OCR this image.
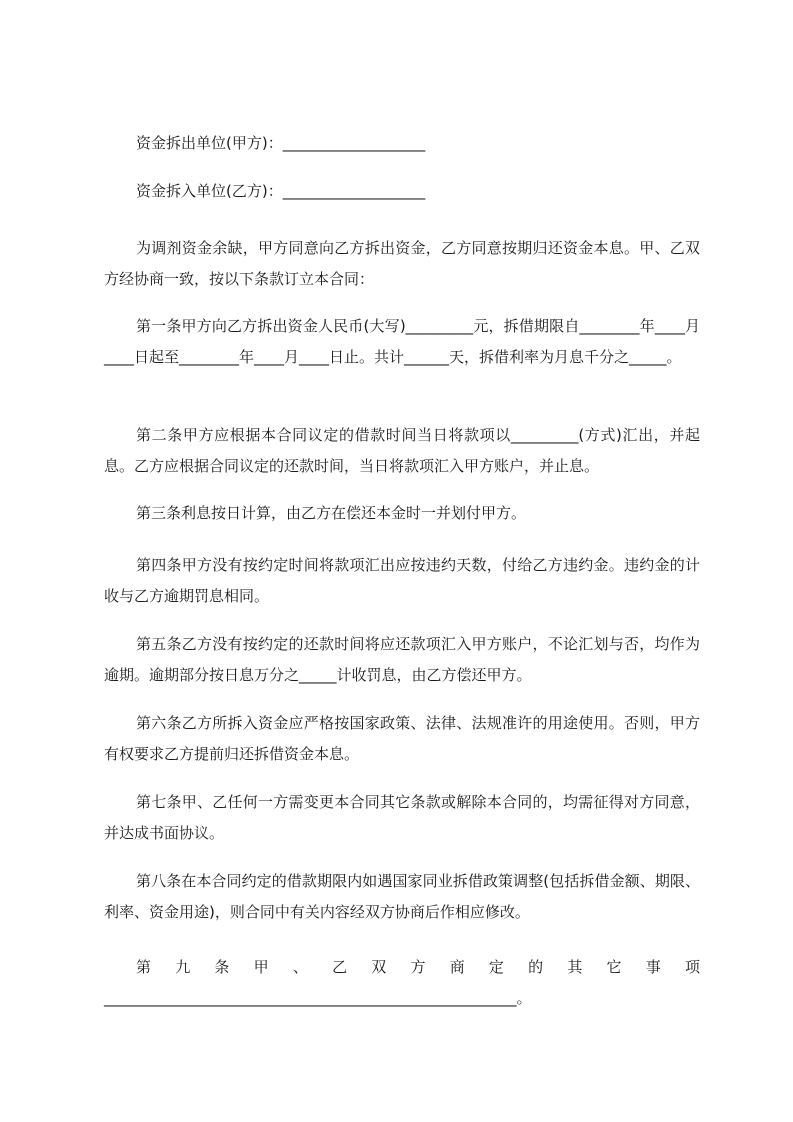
资金拆出单位(甲方)：___________________

资金拆入单位(乙方)：___________________

为调剂资金余缺，甲方同意向乙方拆出资金，乙方同意按期归还资金本息。甲、乙双方经协商一致，按以下条款订立本合同：

第一条甲方向乙方拆出资金人民币(大写)_________元，拆借期限自________年____月____日起至________年____月____日止。共计______天，拆借利率为月息千分之_____。

第二条甲方应根据本合同议定的借款时间当日将款项以_________(方式)汇出，并起息。乙方应根据合同议定的还款时间，当日将款项汇入甲方账户，并止息。

第三条利息按日计算，由乙方在偿还本金时一并划付甲方。

第四条甲方没有按约定时间将款项汇出应按违约天数，付给乙方违约金。违约金的计收与乙方逾期罚息相同。

第五条乙方没有按约定的还款时间将应还款项汇入甲方账户，不论汇划与否，均作为逾期。逾期部分按日息万分之_____计收罚息，由乙方偿还甲方。

第六条乙方所拆入资金应严格按国家政策、法律、法规准许的用途使用。否则，甲方有权要求乙方提前归还拆借资金本息。

第七条甲、乙任何一方需变更本合同其它条款或解除本合同的，均需征得对方同意，并达成书面协议。

第八条在本合同约定的借款期限内如遇国家同业拆借政策调整(包括拆借金额、期限、利率、资金用途)，则合同中有关内容经双方协商后作相应修改。

第九条甲、乙双方商定的其它事项_______________________________________________________。
